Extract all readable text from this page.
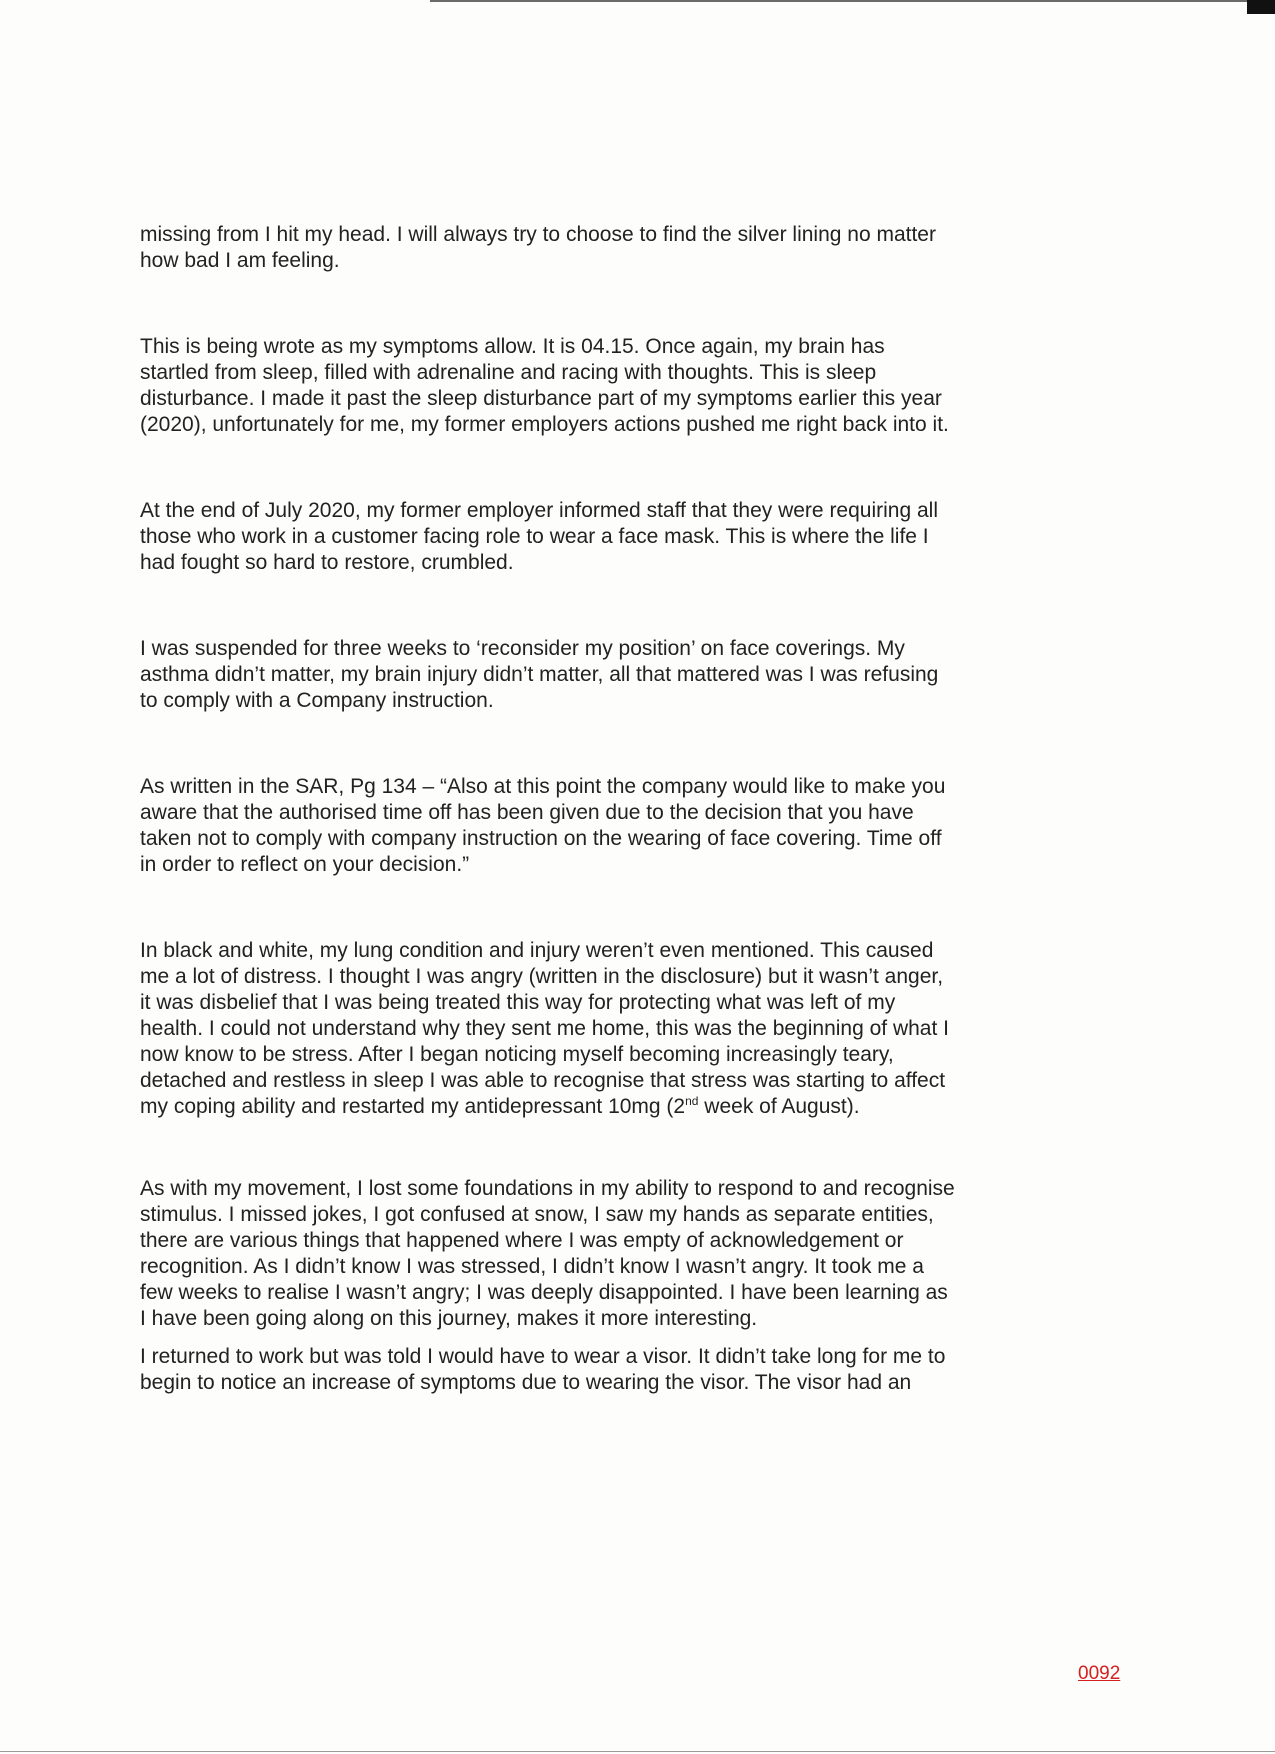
missing from I hit my head. I will always try to choose to find the silver lining no matter
how bad I am feeling.

This is being wrote as my symptoms allow. It is 04.15. Once again, my brain has
startled from sleep, filled with adrenaline and racing with thoughts. This is sleep
disturbance. I made it past the sleep disturbance part of my symptoms earlier this year
(2020), unfortunately for me, my former employers actions pushed me right back into it.

At the end of July 2020, my former employer informed staff that they were requiring all
those who work in a customer facing role to wear a face mask. This is where the life I
had fought so hard to restore, crumbled.

I was suspended for three weeks to ‘reconsider my position’ on face coverings. My
asthma didn’t matter, my brain injury didn’t matter, all that mattered was I was refusing
to comply with a Company instruction.

As written in the SAR, Pg 134 – “Also at this point the company would like to make you
aware that the authorised time off has been given due to the decision that you have
taken not to comply with company instruction on the wearing of face covering. Time off
in order to reflect on your decision.”

In black and white, my lung condition and injury weren’t even mentioned. This caused
me a lot of distress. I thought I was angry (written in the disclosure) but it wasn’t anger,
it was disbelief that I was being treated this way for protecting what was left of my
health. I could not understand why they sent me home, this was the beginning of what I
now know to be stress. After I began noticing myself becoming increasingly teary,
detached and restless in sleep I was able to recognise that stress was starting to affect
my coping ability and restarted my antidepressant 10mg (2nd week of August).

As with my movement, I lost some foundations in my ability to respond to and recognise
stimulus. I missed jokes, I got confused at snow, I saw my hands as separate entities,
there are various things that happened where I was empty of acknowledgement or
recognition. As I didn’t know I was stressed, I didn’t know I wasn’t angry. It took me a
few weeks to realise I wasn’t angry; I was deeply disappointed. I have been learning as
I have been going along on this journey, makes it more interesting.

I returned to work but was told I would have to wear a visor. It didn’t take long for me to
begin to notice an increase of symptoms due to wearing the visor. The visor had an

0092
